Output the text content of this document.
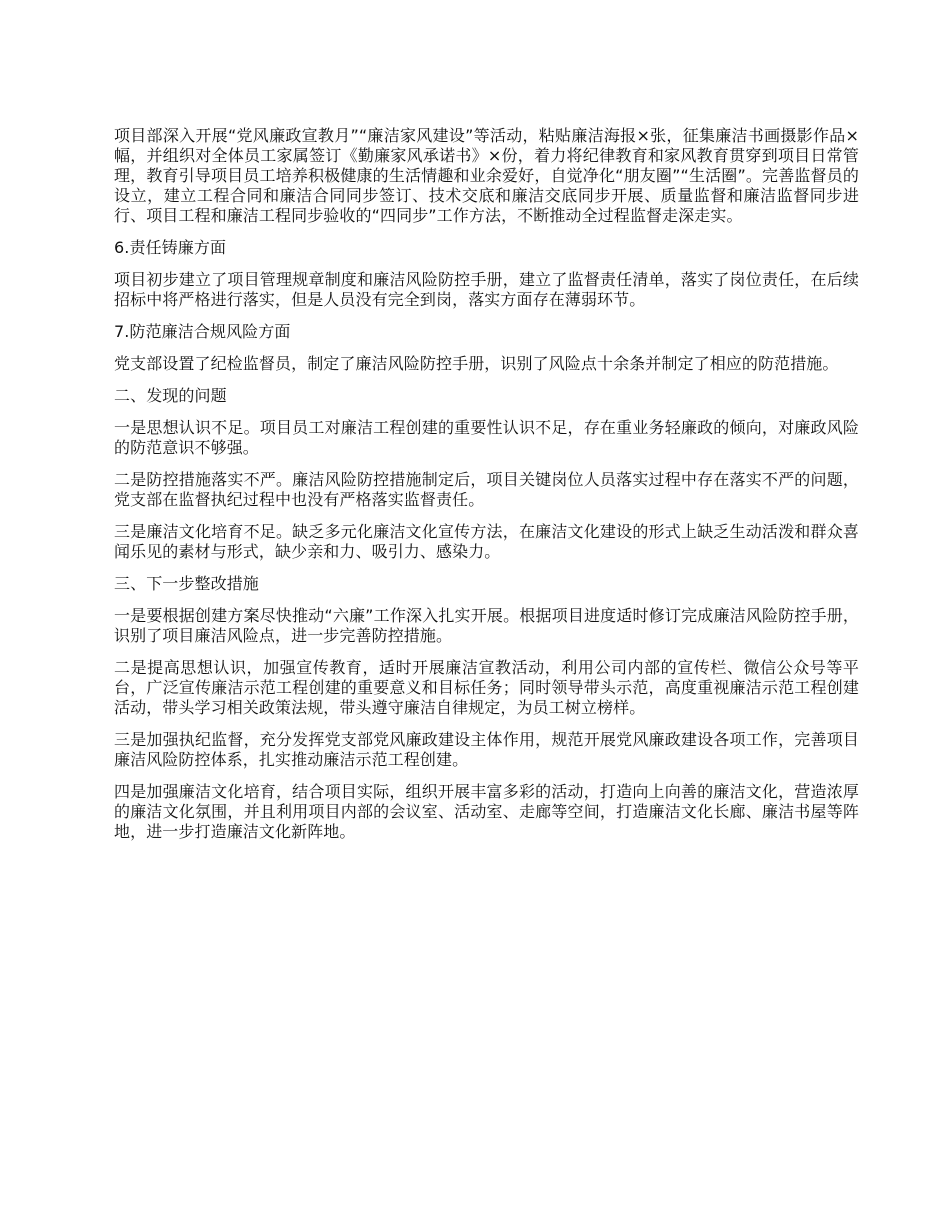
项目部深入开展“党风廉政宣教月”“廉洁家风建设”等活动，粘贴廉洁海报×张，征集廉洁书画摄影作品×幅，并组织对全体员工家属签订《勤廉家风承诺书》×份，着力将纪律教育和家风教育贯穿到项目日常管理，教育引导项目员工培养积极健康的生活情趣和业余爱好，自觉净化“朋友圈”“生活圈”。完善监督员的设立，建立工程合同和廉洁合同同步签订、技术交底和廉洁交底同步开展、质量监督和廉洁监督同步进行、项目工程和廉洁工程同步验收的“四同步”工作方法，不断推动全过程监督走深走实。

6.责任铸廉方面

项目初步建立了项目管理规章制度和廉洁风险防控手册，建立了监督责任清单，落实了岗位责任，在后续招标中将严格进行落实，但是人员没有完全到岗，落实方面存在薄弱环节。

7.防范廉洁合规风险方面

党支部设置了纪检监督员，制定了廉洁风险防控手册，识别了风险点十余条并制定了相应的防范措施。

二、发现的问题

一是思想认识不足。项目员工对廉洁工程创建的重要性认识不足，存在重业务轻廉政的倾向，对廉政风险的防范意识不够强。

二是防控措施落实不严。廉洁风险防控措施制定后，项目关键岗位人员落实过程中存在落实不严的问题，党支部在监督执纪过程中也没有严格落实监督责任。

三是廉洁文化培育不足。缺乏多元化廉洁文化宣传方法，在廉洁文化建设的形式上缺乏生动活泼和群众喜闻乐见的素材与形式，缺少亲和力、吸引力、感染力。

三、下一步整改措施

一是要根据创建方案尽快推动“六廉”工作深入扎实开展。根据项目进度适时修订完成廉洁风险防控手册，识别了项目廉洁风险点，进一步完善防控措施。

二是提高思想认识，加强宣传教育，适时开展廉洁宣教活动，利用公司内部的宣传栏、微信公众号等平台，广泛宣传廉洁示范工程创建的重要意义和目标任务；同时领导带头示范，高度重视廉洁示范工程创建活动，带头学习相关政策法规，带头遵守廉洁自律规定，为员工树立榜样。

三是加强执纪监督，充分发挥党支部党风廉政建设主体作用，规范开展党风廉政建设各项工作，完善项目廉洁风险防控体系，扎实推动廉洁示范工程创建。

四是加强廉洁文化培育，结合项目实际，组织开展丰富多彩的活动，打造向上向善的廉洁文化，营造浓厚的廉洁文化氛围，并且利用项目内部的会议室、活动室、走廊等空间，打造廉洁文化长廊、廉洁书屋等阵地，进一步打造廉洁文化新阵地。
